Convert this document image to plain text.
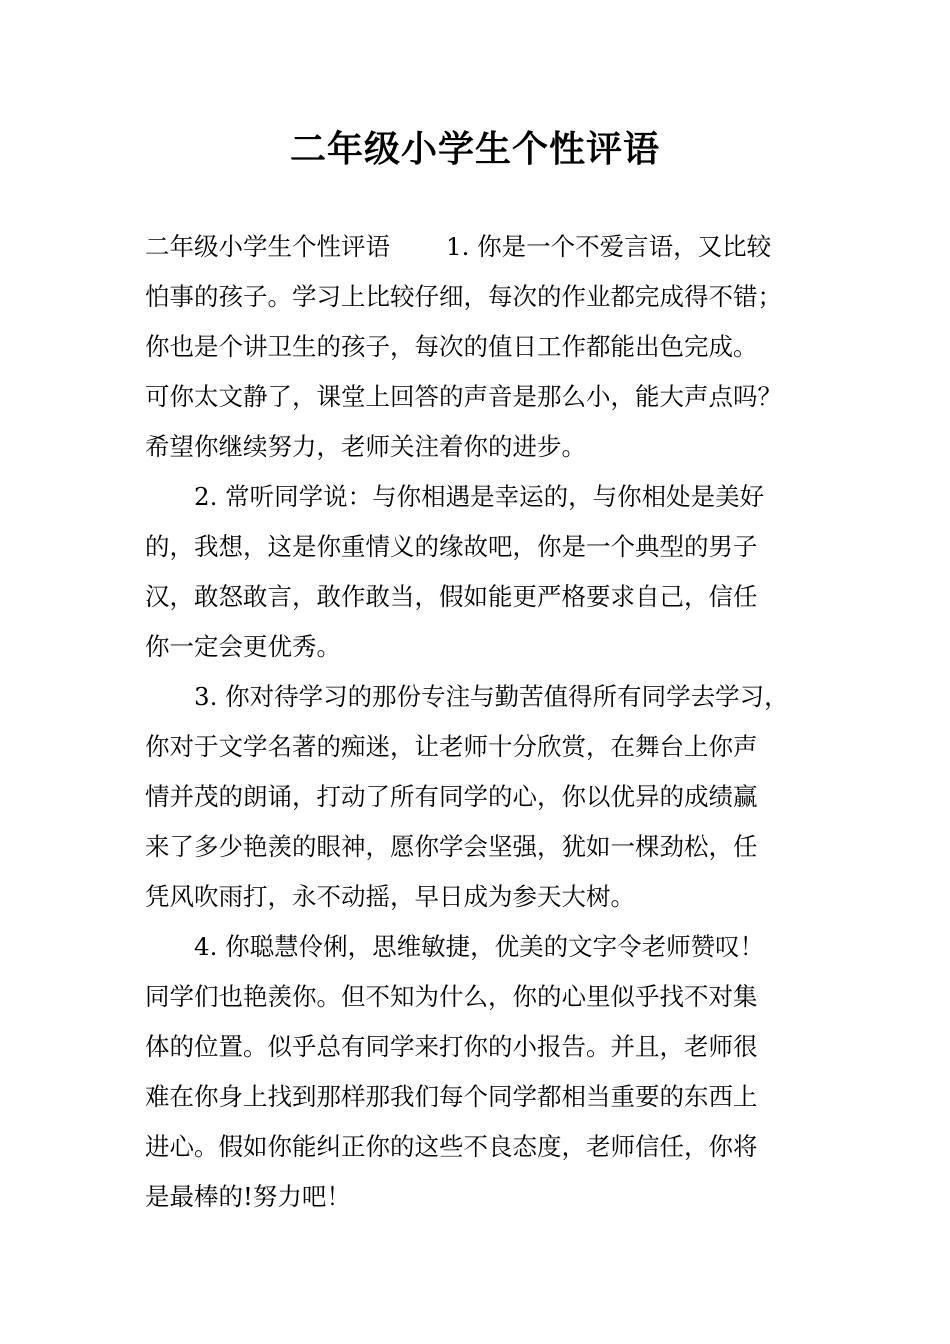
二年级小学生个性评语
二年级小学生个性评语 1. 你是一个不爱言语，又比较
怕事的孩子。学习上比较仔细，每次的作业都完成得不错；
你也是个讲卫生的孩子，每次的值日工作都能出色完成。
可你太文静了，课堂上回答的声音是那么小，能大声点吗？
希望你继续努力，老师关注着你的进步。
2. 常听同学说：与你相遇是幸运的，与你相处是美好
的，我想，这是你重情义的缘故吧，你是一个典型的男子
汉，敢怒敢言，敢作敢当，假如能更严格要求自己，信任
你一定会更优秀。
3. 你对待学习的那份专注与勤苦值得所有同学去学习，
你对于文学名著的痴迷，让老师十分欣赏，在舞台上你声
情并茂的朗诵，打动了所有同学的心，你以优异的成绩赢
来了多少艳羡的眼神，愿你学会坚强，犹如一棵劲松，任
凭风吹雨打，永不动摇，早日成为参天大树。
4. 你聪慧伶俐，思维敏捷，优美的文字令老师赞叹！
同学们也艳羡你。但不知为什么，你的心里似乎找不对集
体的位置。似乎总有同学来打你的小报告。并且，老师很
难在你身上找到那样那我们每个同学都相当重要的东西上
进心。假如你能纠正你的这些不良态度，老师信任，你将
是最棒的!努力吧！
